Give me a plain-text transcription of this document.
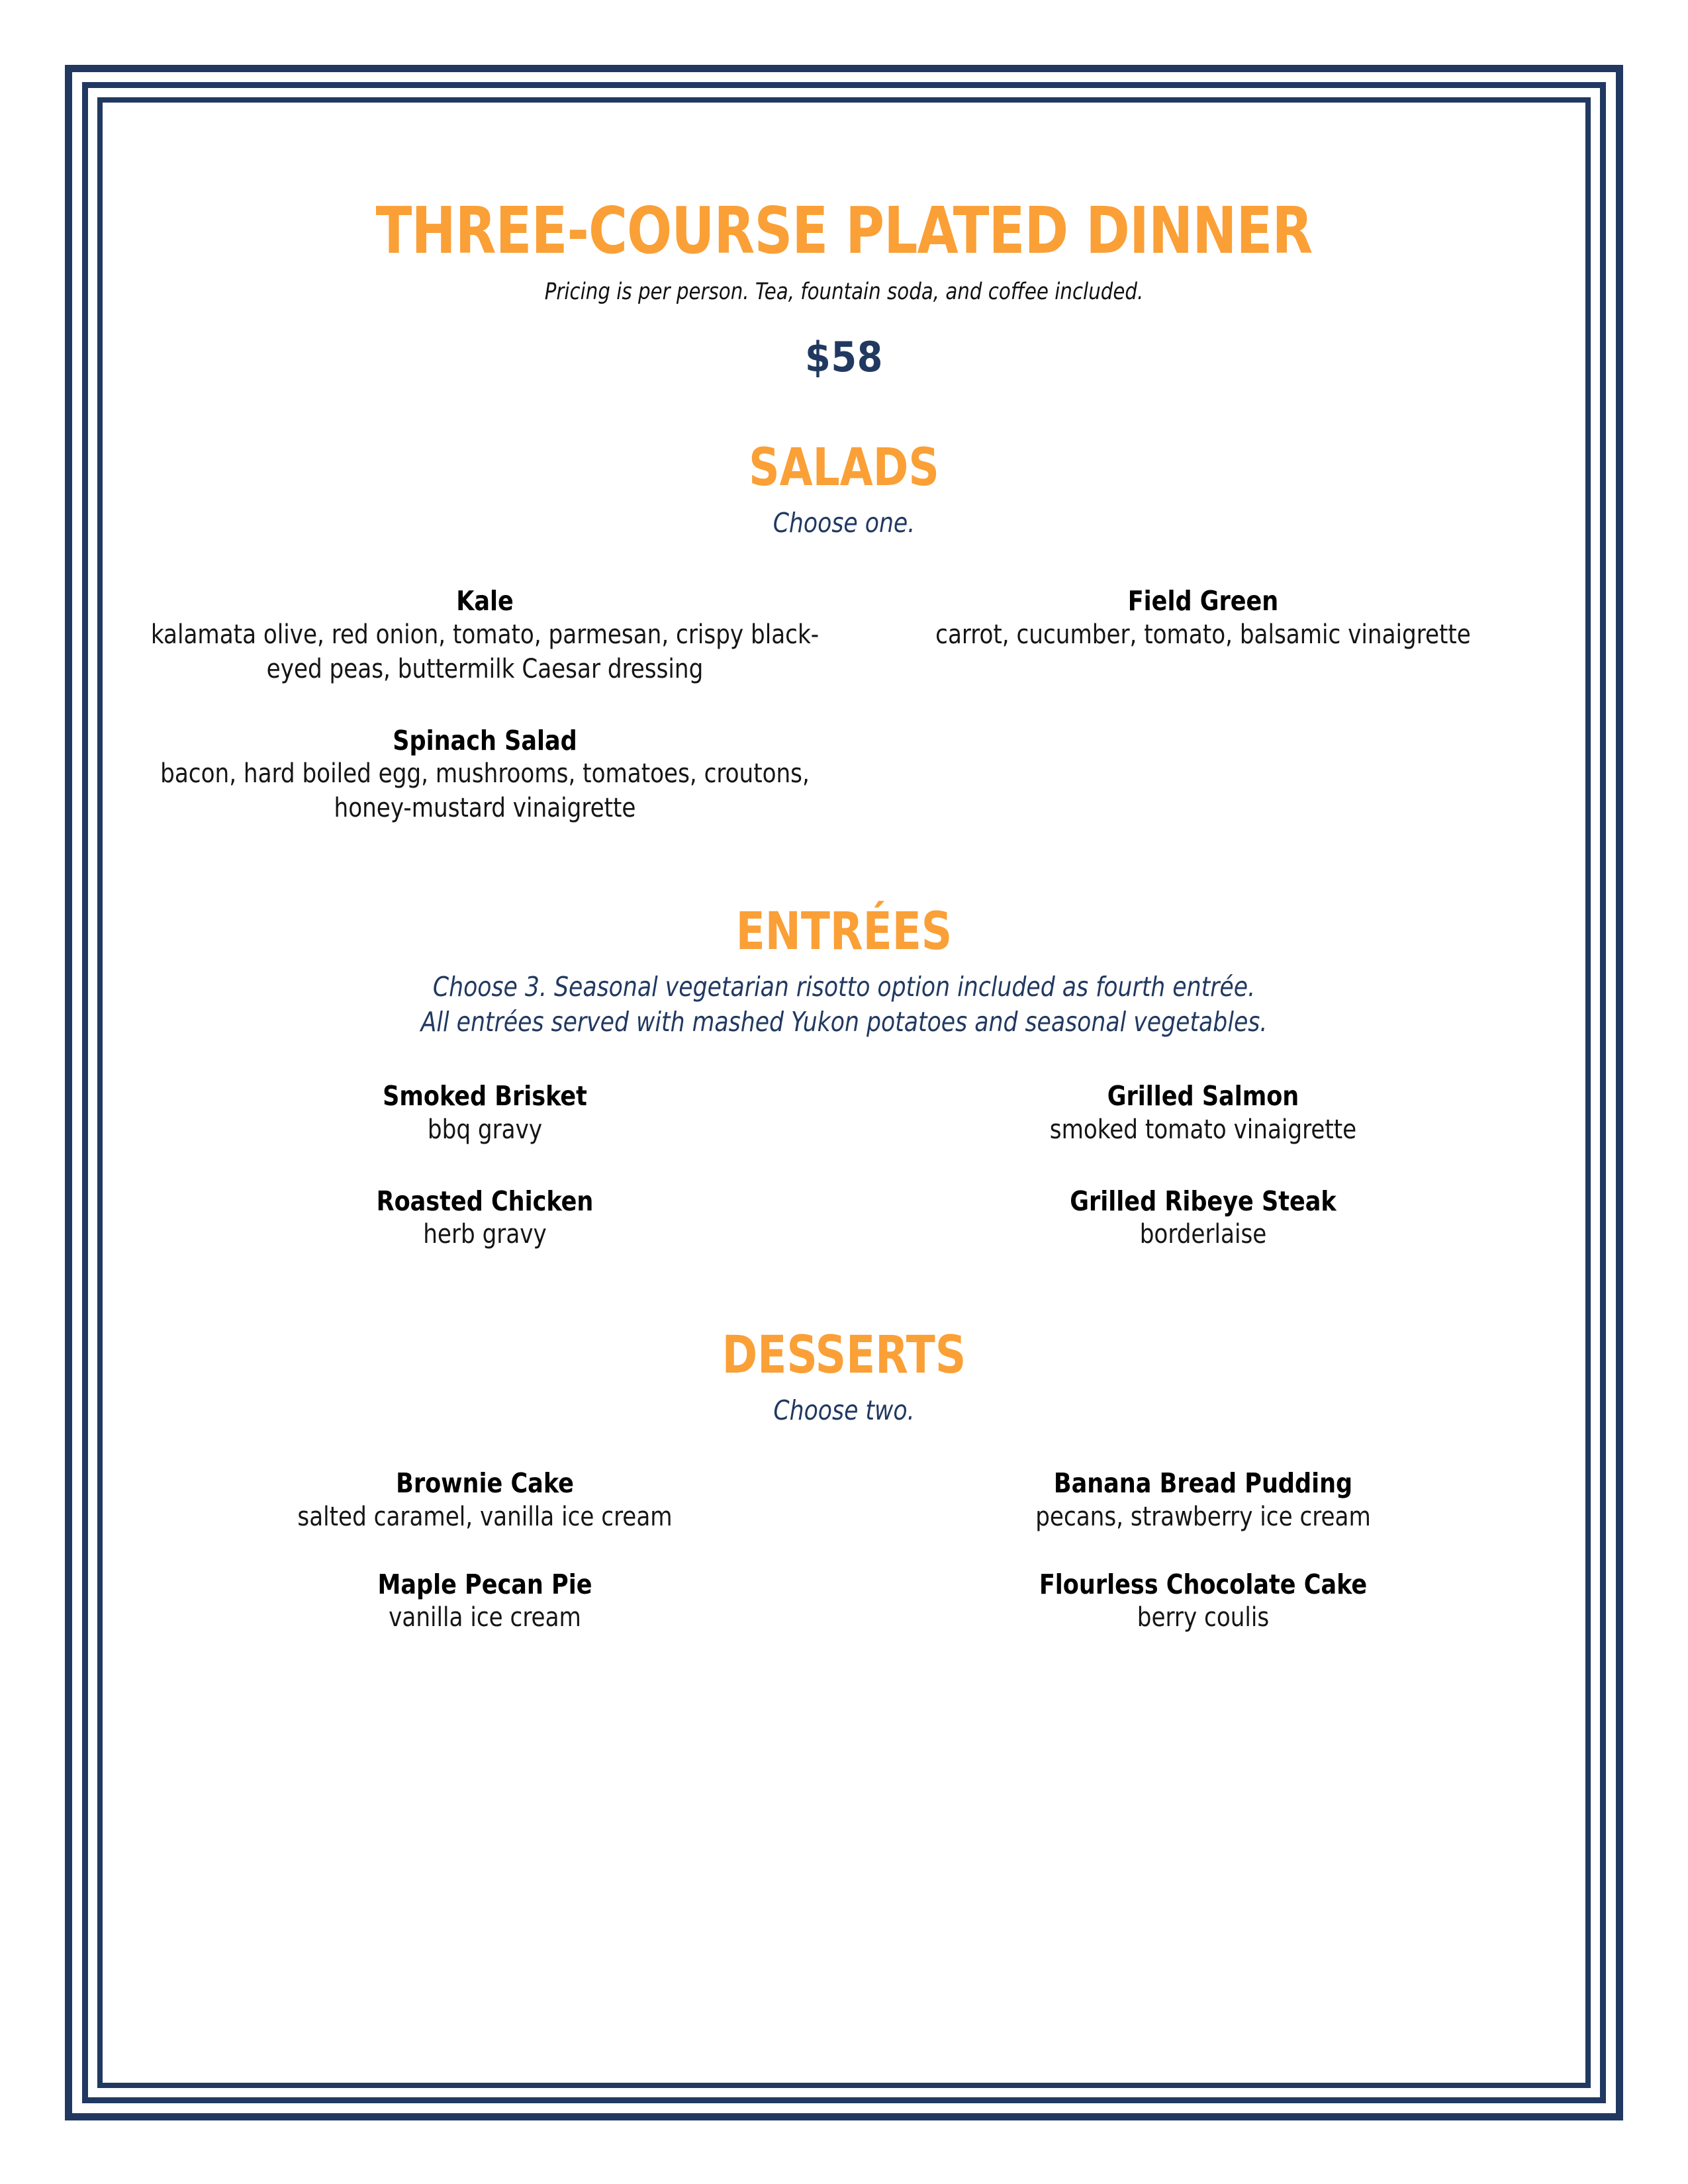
THREE-COURSE PLATED DINNER
Pricing is per person. Tea, fountain soda, and coffee included.
$58
SALADS
Choose one.
Kale
kalamata olive, red onion, tomato, parmesan, crispy black-eyed peas, buttermilk Caesar dressing
Field Green
carrot, cucumber, tomato, balsamic vinaigrette
Spinach Salad
bacon, hard boiled egg, mushrooms, tomatoes, croutons, honey-mustard vinaigrette
ENTRÉES
Choose 3. Seasonal vegetarian risotto option included as fourth entrée.
All entrées served with mashed Yukon potatoes and seasonal vegetables.
Smoked Brisket
bbq gravy
Grilled Salmon
smoked tomato vinaigrette
Roasted Chicken
herb gravy
Grilled Ribeye Steak
borderlaise
DESSERTS
Choose two.
Brownie Cake
salted caramel, vanilla ice cream
Banana Bread Pudding
pecans, strawberry ice cream
Maple Pecan Pie
vanilla ice cream
Flourless Chocolate Cake
berry coulis
